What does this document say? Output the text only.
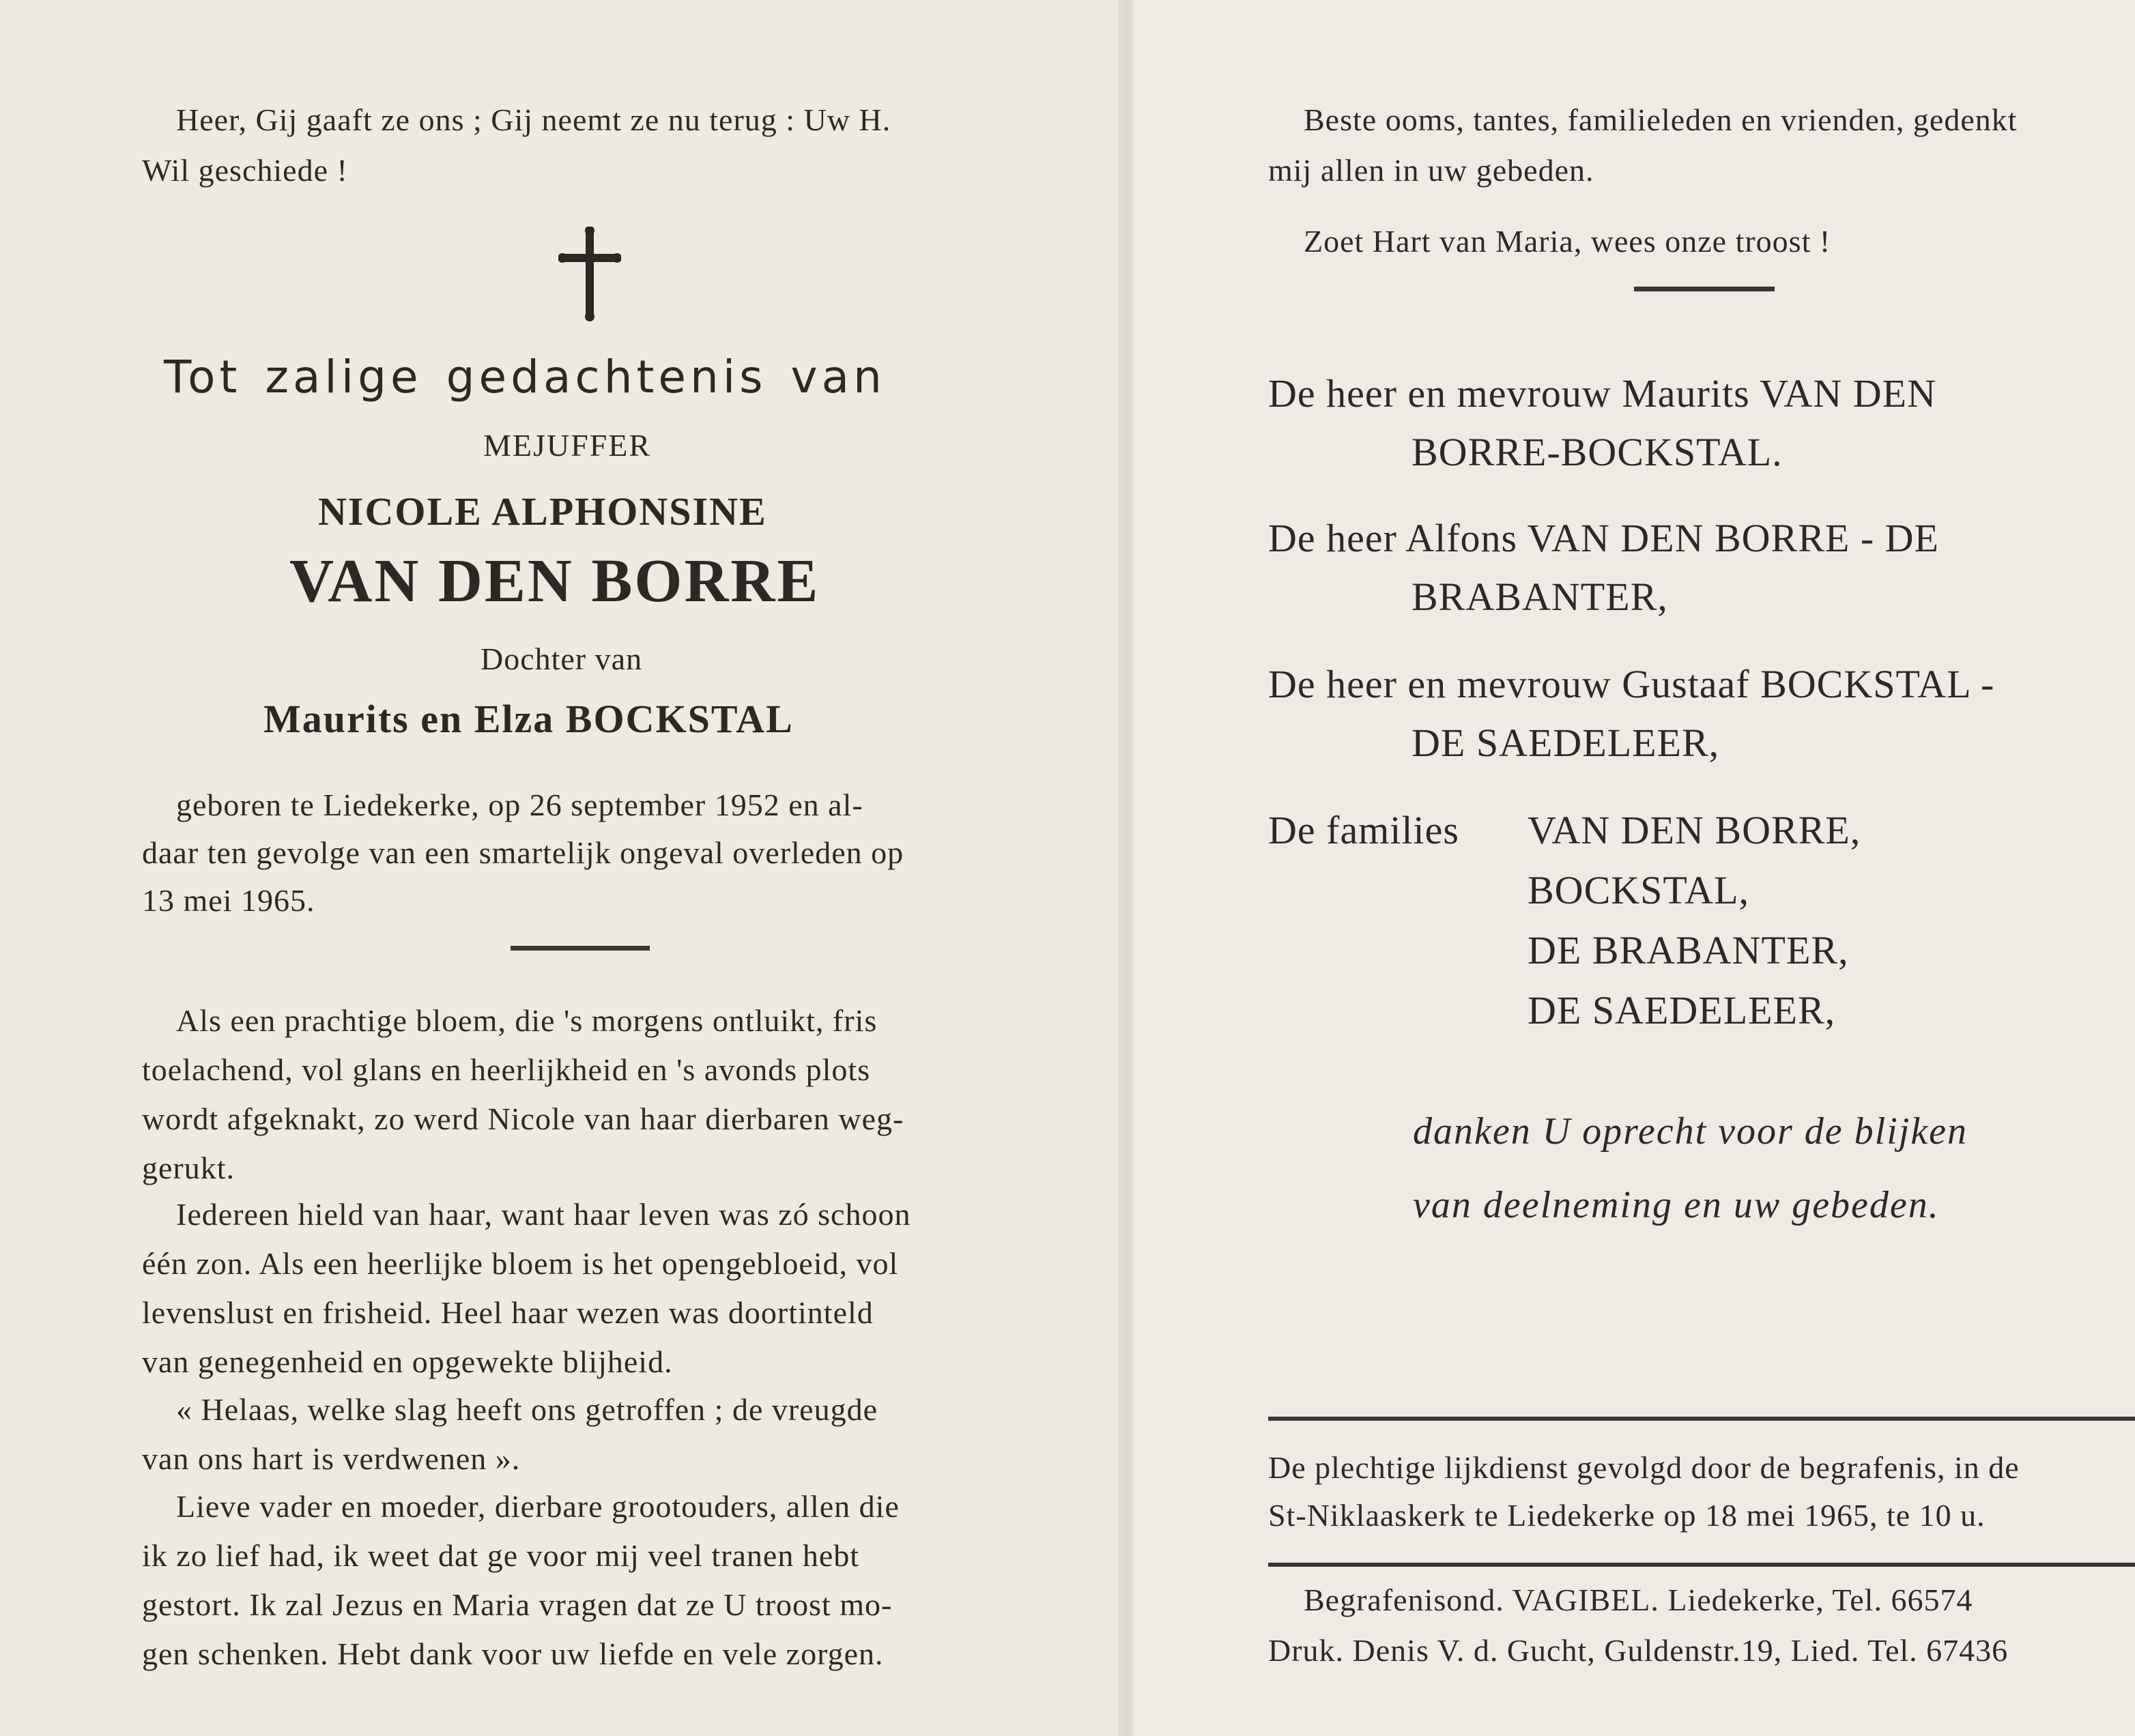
Heer, Gij gaaft ze ons ; Gij neemt ze nu terug : Uw H.
Wil geschiede !
Tot zalige gedachtenis van
MEJUFFER
NICOLE ALPHONSINE
VAN DEN BORRE
Dochter van
Maurits en Elza BOCKSTAL
geboren te Liedekerke, op 26 september 1952 en al-
daar ten gevolge van een smartelijk ongeval overleden op
13 mei 1965.
Als een prachtige bloem, die 's morgens ontluikt, fris
toelachend, vol glans en heerlijkheid en 's avonds plots
wordt afgeknakt, zo werd Nicole van haar dierbaren weg-
gerukt.
Iedereen hield van haar, want haar leven was zó schoon
één zon. Als een heerlijke bloem is het opengebloeid, vol
levenslust en frisheid. Heel haar wezen was doortinteld
van genegenheid en opgewekte blijheid.
« Helaas, welke slag heeft ons getroffen ; de vreugde
van ons hart is verdwenen ».
Lieve vader en moeder, dierbare grootouders, allen die
ik zo lief had, ik weet dat ge voor mij veel tranen hebt
gestort. Ik zal Jezus en Maria vragen dat ze U troost mo-
gen schenken. Hebt dank voor uw liefde en vele zorgen.
Beste ooms, tantes, familieleden en vrienden, gedenkt
mij allen in uw gebeden.
Zoet Hart van Maria, wees onze troost !
De heer en mevrouw Maurits VAN DEN
BORRE-BOCKSTAL.
De heer Alfons VAN DEN BORRE - DE
BRABANTER,
De heer en mevrouw Gustaaf BOCKSTAL -
DE SAEDELEER,
De families VAN DEN BORRE,
BOCKSTAL,
DE BRABANTER,
DE SAEDELEER,
danken U oprecht voor de blijken
van deelneming en uw gebeden.
De plechtige lijkdienst gevolgd door de begrafenis, in de
St-Niklaaskerk te Liedekerke op 18 mei 1965, te 10 u.
Begrafenisond. VAGIBEL. Liedekerke, Tel. 66574
Druk. Denis V. d. Gucht, Guldenstr.19, Lied. Tel. 67436
